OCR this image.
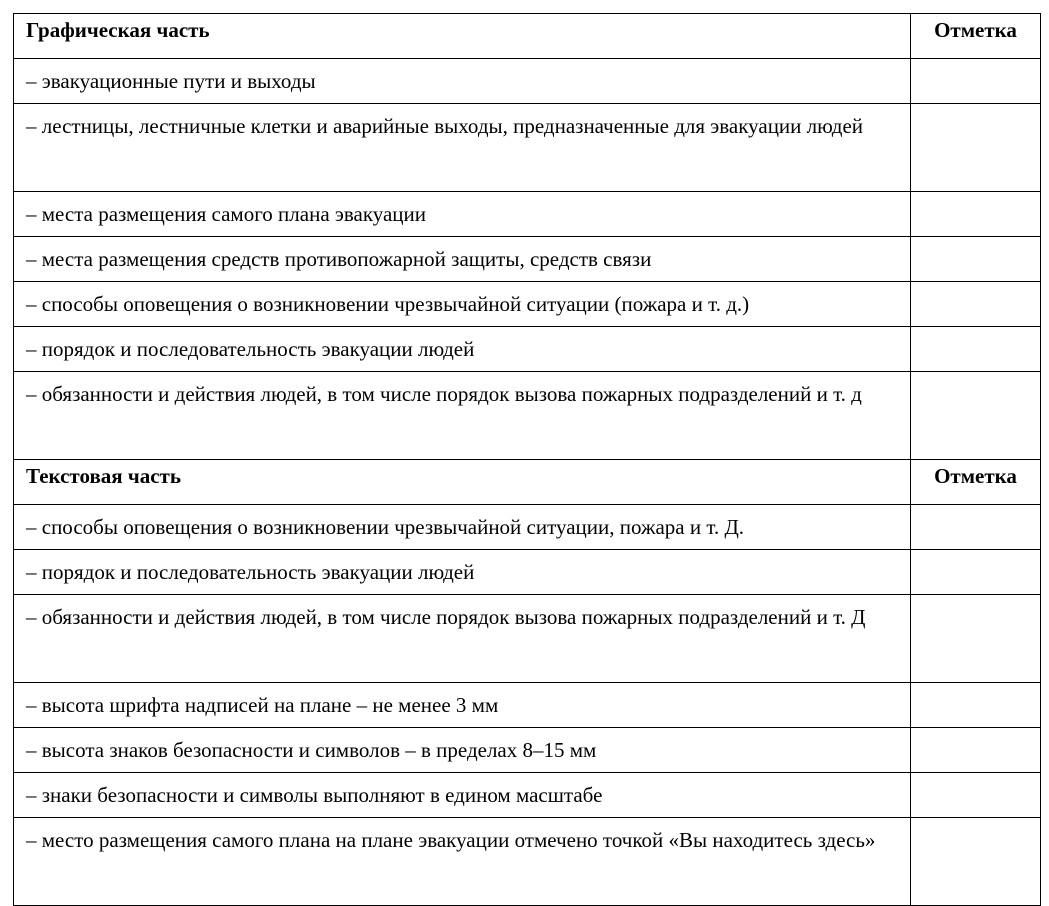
Графическая часть	Отметка
– эвакуационные пути и выходы	
– лестницы, лестничные клетки и аварийные выходы, предназначенные для эвакуации людей	
– места размещения самого плана эвакуации	
– места размещения средств противопожарной защиты, средств связи	
– способы оповещения о возникновении чрезвычайной ситуации (пожара и т. д.)	
– порядок и последовательность эвакуации людей	
– обязанности и действия людей, в том числе порядок вызова пожарных подразделений и т. д	
Текстовая часть	Отметка
– способы оповещения о возникновении чрезвычайной ситуации, пожара и т. Д.	
– порядок и последовательность эвакуации людей	
– обязанности и действия людей, в том числе порядок вызова пожарных подразделений и т. Д	
– высота шрифта надписей на плане – не менее 3 мм	
– высота знаков безопасности и символов – в пределах 8–15 мм	
– знаки безопасности и символы выполняют в едином масштабе	
– место размещения самого плана на плане эвакуации отмечено точкой «Вы находитесь здесь»	
